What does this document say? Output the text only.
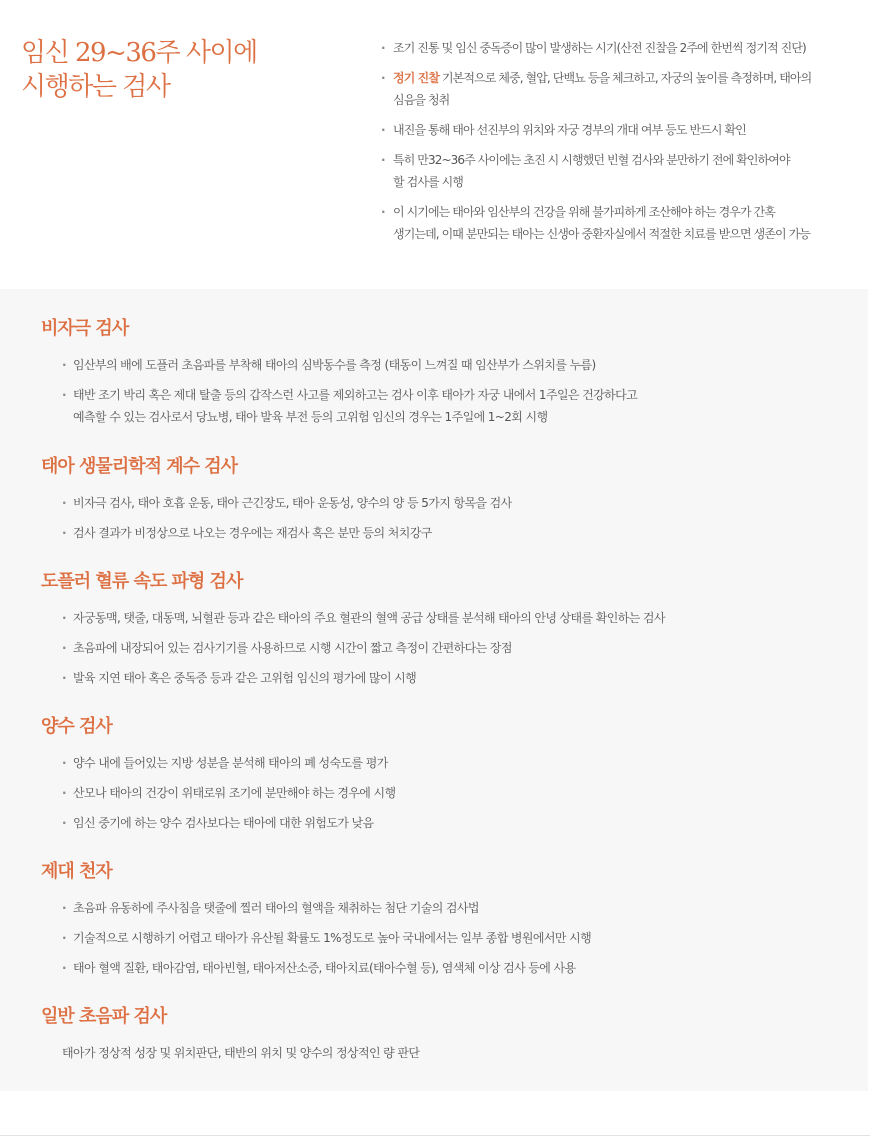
임신 29~36주 사이에
시행하는 검사
· 조기 진통 및 임신 중독증이 많이 발생하는 시기(산전 진찰을 2주에 한번씩 정기적 진단)
· 정기 진찰 기본적으로 체중, 혈압, 단백뇨 등을 체크하고, 자궁의 높이를 측정하며, 태아의
심음을 청취
· 내진을 통해 태아 선진부의 위치와 자궁 경부의 개대 여부 등도 반드시 확인
· 특히 만32~36주 사이에는 초진 시 시행했던 빈혈 검사와 분만하기 전에 확인하여야
할 검사를 시행
· 이 시기에는 태아와 임산부의 건강을 위해 불가피하게 조산해야 하는 경우가 간혹
생기는데, 이때 분만되는 태아는 신생아 중환자실에서 적절한 치료를 받으면 생존이 가능
비자극 검사
· 임산부의 배에 도플러 초음파를 부착해 태아의 심박동수를 측정 (태동이 느껴질 때 임산부가 스위치를 누름)
· 태반 조기 박리 혹은 제대 탈출 등의 갑작스런 사고를 제외하고는 검사 이후 태아가 자궁 내에서 1주일은 건강하다고
예측할 수 있는 검사로서 당뇨병, 태아 발육 부전 등의 고위험 임신의 경우는 1주일에 1~2회 시행
태아 생물리학적 계수 검사
· 비자극 검사, 태아 호흡 운동, 태아 근긴장도, 태아 운동성, 양수의 양 등 5가지 항목을 검사
· 검사 결과가 비정상으로 나오는 경우에는 재검사 혹은 분만 등의 처치강구
도플러 혈류 속도 파형 검사
· 자궁동맥, 탯줄, 대동맥, 뇌혈관 등과 같은 태아의 주요 혈관의 혈액 공급 상태를 분석해 태아의 안녕 상태를 확인하는 검사
· 초음파에 내장되어 있는 검사기기를 사용하므로 시행 시간이 짧고 측정이 간편하다는 장점
· 발육 지연 태아 혹은 중독증 등과 같은 고위험 임신의 평가에 많이 시행
양수 검사
· 양수 내에 들어있는 지방 성분을 분석해 태아의 폐 성숙도를 평가
· 산모나 태아의 건강이 위태로워 조기에 분만해야 하는 경우에 시행
· 임신 중기에 하는 양수 검사보다는 태아에 대한 위험도가 낮음
제대 천자
· 초음파 유동하에 주사침을 탯줄에 찔러 태아의 혈액을 채취하는 첨단 기술의 검사법
· 기술적으로 시행하기 어렵고 태아가 유산될 확률도 1%정도로 높아 국내에서는 일부 종합 병원에서만 시행
· 태아 혈액 질환, 태아감염, 태아빈혈, 태아저산소증, 태아치료(태아수혈 등), 염색체 이상 검사 등에 사용
일반 초음파 검사

태아가 정상적 성장 및 위치판단, 태반의 위치 및 양수의 정상적인 량 판단
